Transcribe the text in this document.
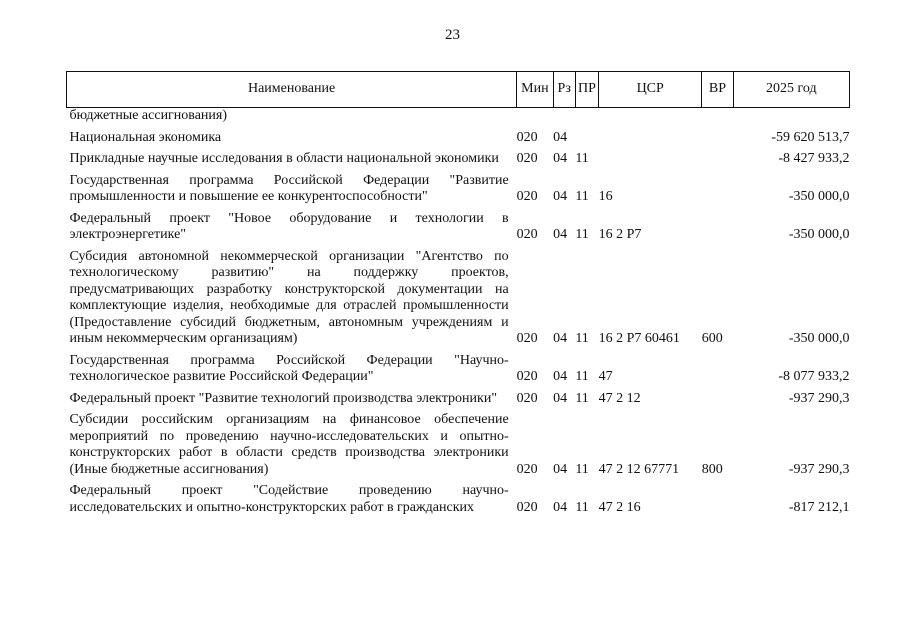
23
Наименование	Мин	Рз	ПР	ЦСР	ВР	2025 год
бюджетные ассигнования)						
Национальная экономика	020	04				-59 620 513,7
Прикладные научные исследования в области национальной экономики	020	04	11			-8 427 933,2
Государственная программа Российской Федерации "Развитие промышленности и повышение ее конкурентоспособности"	020	04	11	16		-350 000,0
Федеральный проект "Новое оборудование и технологии в электроэнергетике"	020	04	11	16 2 Р7		-350 000,0
Субсидия автономной некоммерческой организации "Агентство по технологическому развитию" на поддержку проектов, предусматривающих разработку конструкторской документации на комплектующие изделия, необходимые для отраслей промышленности (Предоставление субсидий бюджетным, автономным учреждениям и иным некоммерческим организациям)	020	04	11	16 2 Р7 60461	600	-350 000,0
Государственная программа Российской Федерации "Научно-технологическое развитие Российской Федерации"	020	04	11	47		-8 077 933,2
Федеральный проект "Развитие технологий производства электроники"	020	04	11	47 2 12		-937 290,3
Субсидии российским организациям на финансовое обеспечение мероприятий по проведению научно-исследовательских и опытно-конструкторских работ в области средств производства электроники (Иные бюджетные ассигнования)	020	04	11	47 2 12 67771	800	-937 290,3
Федеральный проект "Содействие проведению научно-исследовательских и опытно-конструкторских работ в гражданских	020	04	11	47 2 16		-817 212,1
